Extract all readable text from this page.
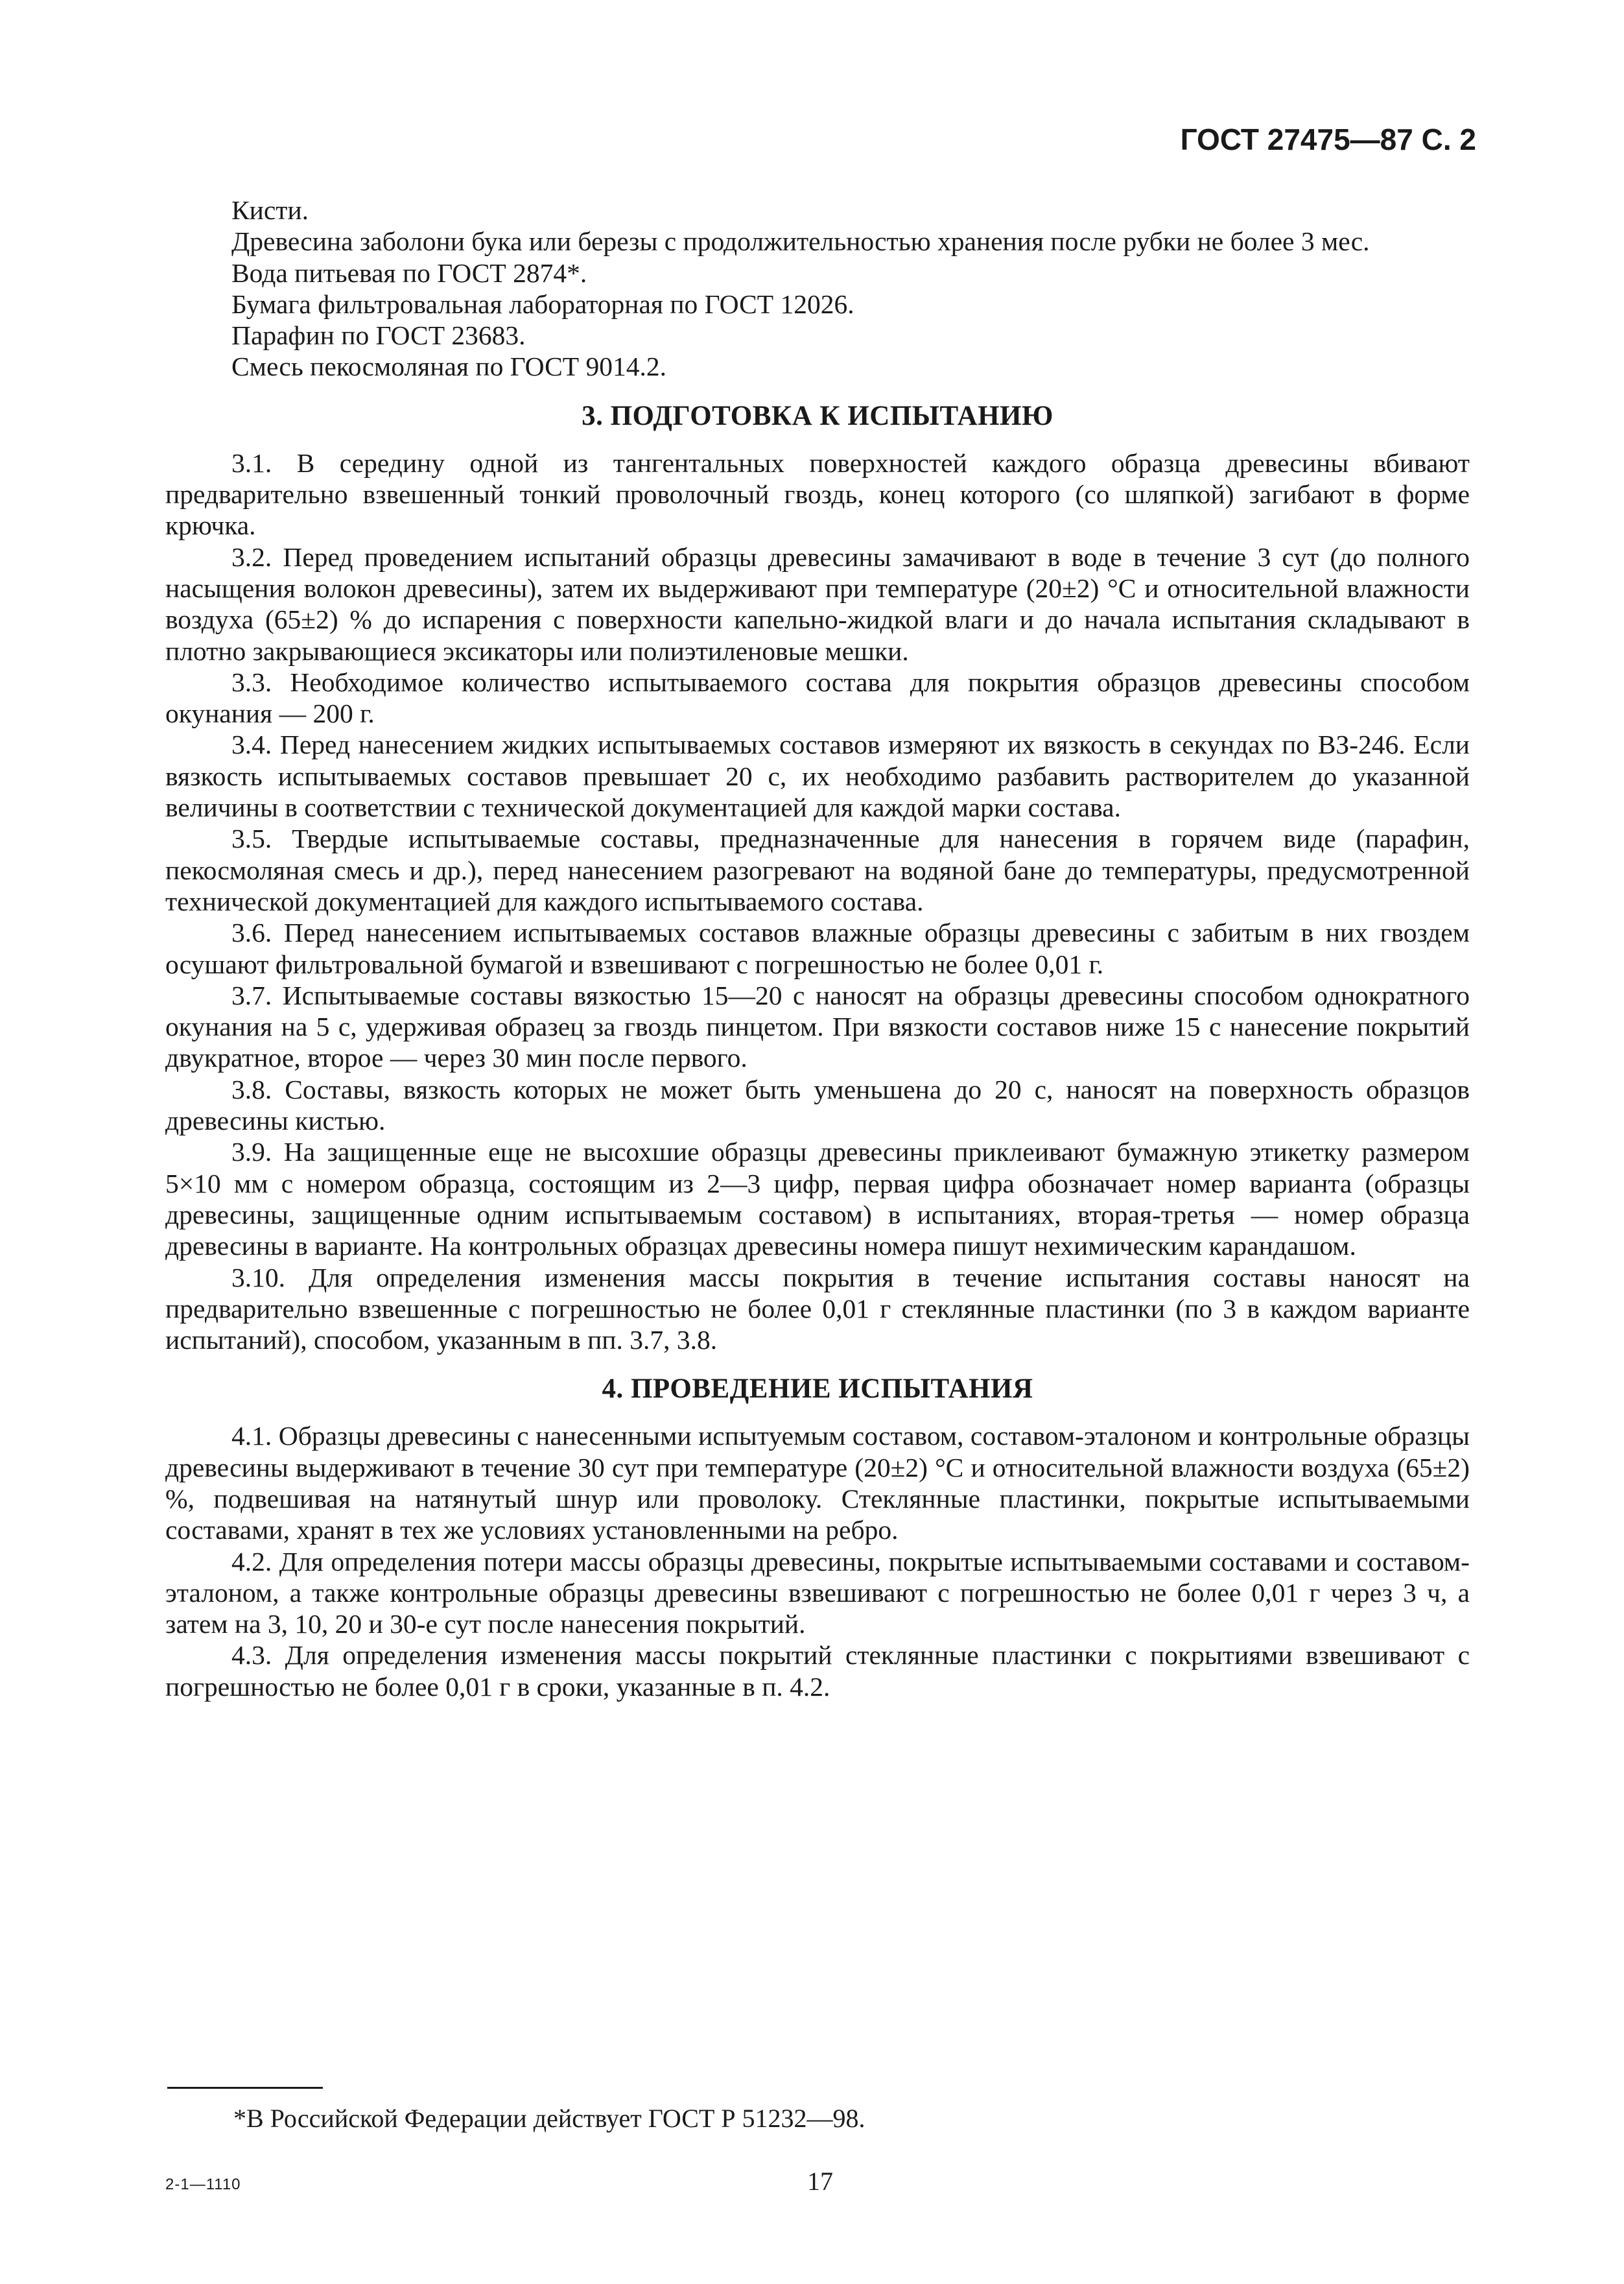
ГОСТ 27475—87 С. 2

Кисти.

Древесина заболони бука или березы с продолжительностью хранения после рубки не более 3 мес.

Вода питьевая по ГОСТ 2874*.

Бумага фильтровальная лабораторная по ГОСТ 12026.

Парафин по ГОСТ 23683.

Смесь пекосмоляная по ГОСТ 9014.2.

3. ПОДГОТОВКА К ИСПЫТАНИЮ

3.1. В середину одной из тангентальных поверхностей каждого образца древесины вбивают предварительно взвешенный тонкий проволочный гвоздь, конец которого (со шляпкой) загибают в форме крючка.

3.2. Перед проведением испытаний образцы древесины замачивают в воде в течение 3 сут (до полного насыщения волокон древесины), затем их выдерживают при температуре (20±2) °С и относительной влажности воздуха (65±2) % до испарения с поверхности капельно-жидкой влаги и до начала испытания складывают в плотно закрывающиеся эксикаторы или полиэтиленовые мешки.

3.3. Необходимое количество испытываемого состава для покрытия образцов древесины способом окунания — 200 г.

3.4. Перед нанесением жидких испытываемых составов измеряют их вязкость в секундах по ВЗ-246. Если вязкость испытываемых составов превышает 20 с, их необходимо разбавить растворителем до указанной величины в соответствии с технической документацией для каждой марки состава.

3.5. Твердые испытываемые составы, предназначенные для нанесения в горячем виде (парафин, пекосмоляная смесь и др.), перед нанесением разогревают на водяной бане до температуры, предусмотренной технической документацией для каждого испытываемого состава.

3.6. Перед нанесением испытываемых составов влажные образцы древесины с забитым в них гвоздем осушают фильтровальной бумагой и взвешивают с погрешностью не более 0,01 г.

3.7. Испытываемые составы вязкостью 15—20 с наносят на образцы древесины способом однократного окунания на 5 с, удерживая образец за гвоздь пинцетом. При вязкости составов ниже 15 с нанесение покрытий двукратное, второе — через 30 мин после первого.

3.8. Составы, вязкость которых не может быть уменьшена до 20 с, наносят на поверхность образцов древесины кистью.

3.9. На защищенные еще не высохшие образцы древесины приклеивают бумажную этикетку размером 5×10 мм с номером образца, состоящим из 2—3 цифр, первая цифра обозначает номер варианта (образцы древесины, защищенные одним испытываемым составом) в испытаниях, вторая-третья — номер образца древесины в варианте. На контрольных образцах древесины номера пишут нехимическим карандашом.

3.10. Для определения изменения массы покрытия в течение испытания составы наносят на предварительно взвешенные с погрешностью не более 0,01 г стеклянные пластинки (по 3 в каждом варианте испытаний), способом, указанным в пп. 3.7, 3.8.

4. ПРОВЕДЕНИЕ ИСПЫТАНИЯ

4.1. Образцы древесины с нанесенными испытуемым составом, составом-эталоном и контрольные образцы древесины выдерживают в течение 30 сут при температуре (20±2) °С и относительной влажности воздуха (65±2) %, подвешивая на натянутый шнур или проволоку. Стеклянные пластинки, покрытые испытываемыми составами, хранят в тех же условиях установленными на ребро.

4.2. Для определения потери массы образцы древесины, покрытые испытываемыми составами и составом-эталоном, а также контрольные образцы древесины взвешивают с погрешностью не более 0,01 г через 3 ч, а затем на 3, 10, 20 и 30-е сут после нанесения покрытий.

4.3. Для определения изменения массы покрытий стеклянные пластинки с покрытиями взвешивают с погрешностью не более 0,01 г в сроки, указанные в п. 4.2.

*В Российской Федерации действует ГОСТ Р 51232—98.
2-1—1110	17
